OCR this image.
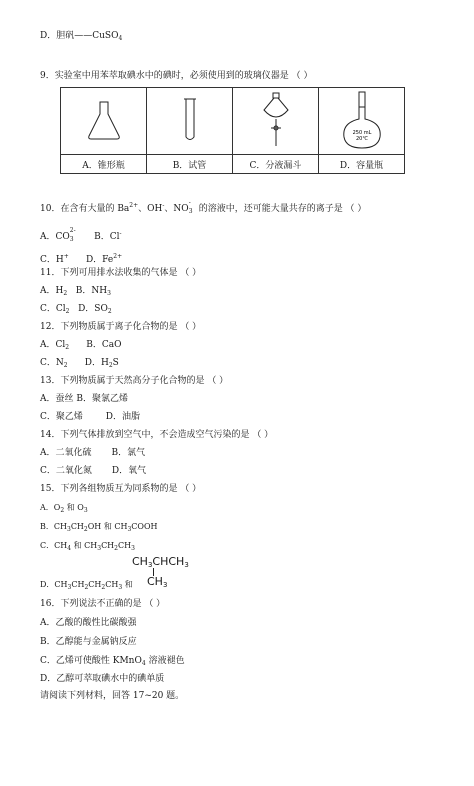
D．胆矾——CuSO$_4$
9．实验室中用苯萃取碘水中的碘时，必须使用到的玻璃仪器是 （ ）

250 mL
20℃

A．锥形瓶	B．试管	C．分液漏斗	D．容量瓶
10．在含有大量的 $Ba^{2+}$、OH-、NO
-
3 的溶液中，还可能大量共存的离子是 （ ）
A．CO
2-
3 B．Cl-
C．H+ D．$Fe^{2+}$
11．下列可用排水法收集的气体是 （ ）
A．$H_2$   B．$NH_3$
C．$Cl_2$   D．$SO_2$
12．下列物质属于离子化合物的是 （ ）
A．$Cl_2$      B．CaO
C．$N_2$      D．$H_2S$
13．下列物质属于天然高分子化合物的是 （ ）
A．蚕丝 B．聚氯乙烯
C．聚乙烯        D．油脂
14．下列气体排放到空气中，不会造成空气污染的是 （ ）
A．二氧化硫       B．氯气
C．二氧化氮       D．氧气
15．下列各组物质互为同系物的是 （ ）
A．$O_2$ 和 $O_3$
B．$CH_3CH_2OH$ 和 $CH_3COOH$
C．$CH_4$ 和 $CH_3CH_2CH_3$
$CH_3CHCH_3$
$CH_3$
D．$CH_3CH_2CH_2CH_3$ 和
16．下列说法不正确的是 （ ）
A．乙酸的酸性比碳酸强
B．乙醇能与金属钠反应
C．乙烯可使酸性 KMnO$_4$ 溶液褪色
D．乙醇可萃取碘水中的碘单质
请阅读下列材料，回答 17~20 题。
